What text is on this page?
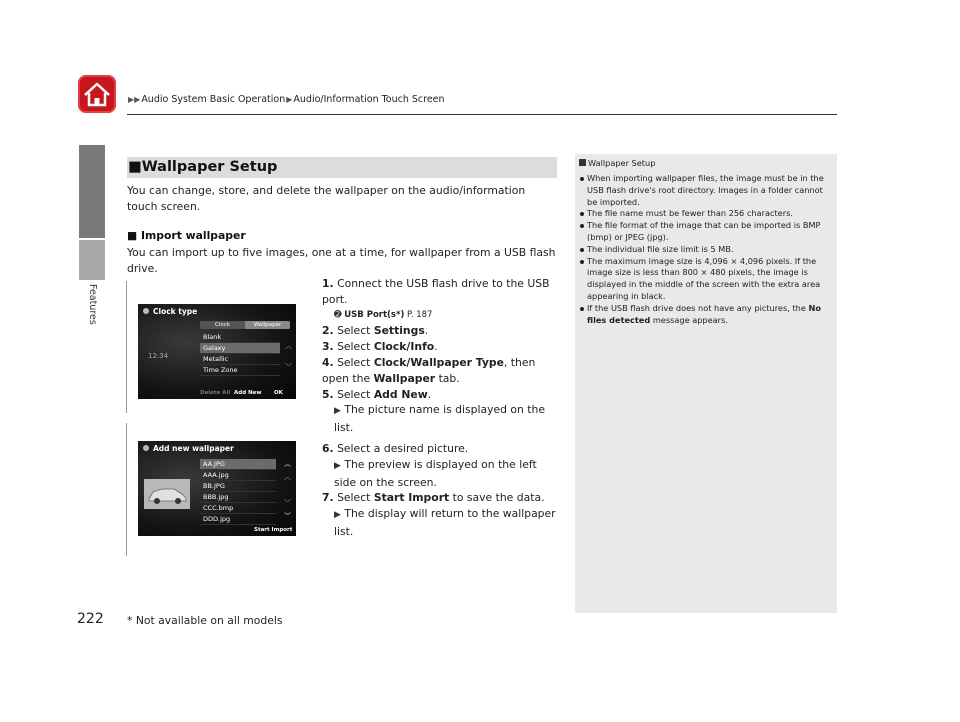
▶▶Audio System Basic Operation▶Audio/Information Touch Screen
Features
■Wallpaper Setup
You can change, store, and delete the wallpaper on the audio/information touch screen.
■ Import wallpaper
You can import up to five images, one at a time, for wallpaper from a USB flash drive.
Clock type
Clock	Wallpaper
Blank
Galaxy
Metallic
Time Zone
︿
﹀
12:34
Delete All Add New OK
Add new wallpaper
AA.JPG
AAA.jpg
BB.JPG
BBB.jpg
CCC.bmp
DDD.jpg
︽
︿
﹀
︾
Start Import
1. Connect the USB flash drive to the USB port.
➋ USB Port(s*) P. 187
2. Select Settings.
3. Select Clock/Info.
4. Select Clock/Wallpaper Type, then open the Wallpaper tab.
5. Select Add New.
▶ The picture name is displayed on the list.
6. Select a desired picture.
▶ The preview is displayed on the left side on the screen.
7. Select Start Import to save the data.
▶ The display will return to the wallpaper list.
Wallpaper Setup
When importing wallpaper files, the image must be in the USB flash drive's root directory. Images in a folder cannot be imported.
The file name must be fewer than 256 characters.
The file format of the image that can be imported is BMP (bmp) or JPEG (jpg).
The individual file size limit is 5 MB.
The maximum image size is 4,096 × 4,096 pixels. If the image size is less than 800 × 480 pixels, the image is displayed in the middle of the screen with the extra area appearing in black.
If the USB flash drive does not have any pictures, the No files detected message appears.
222 * Not available on all models
